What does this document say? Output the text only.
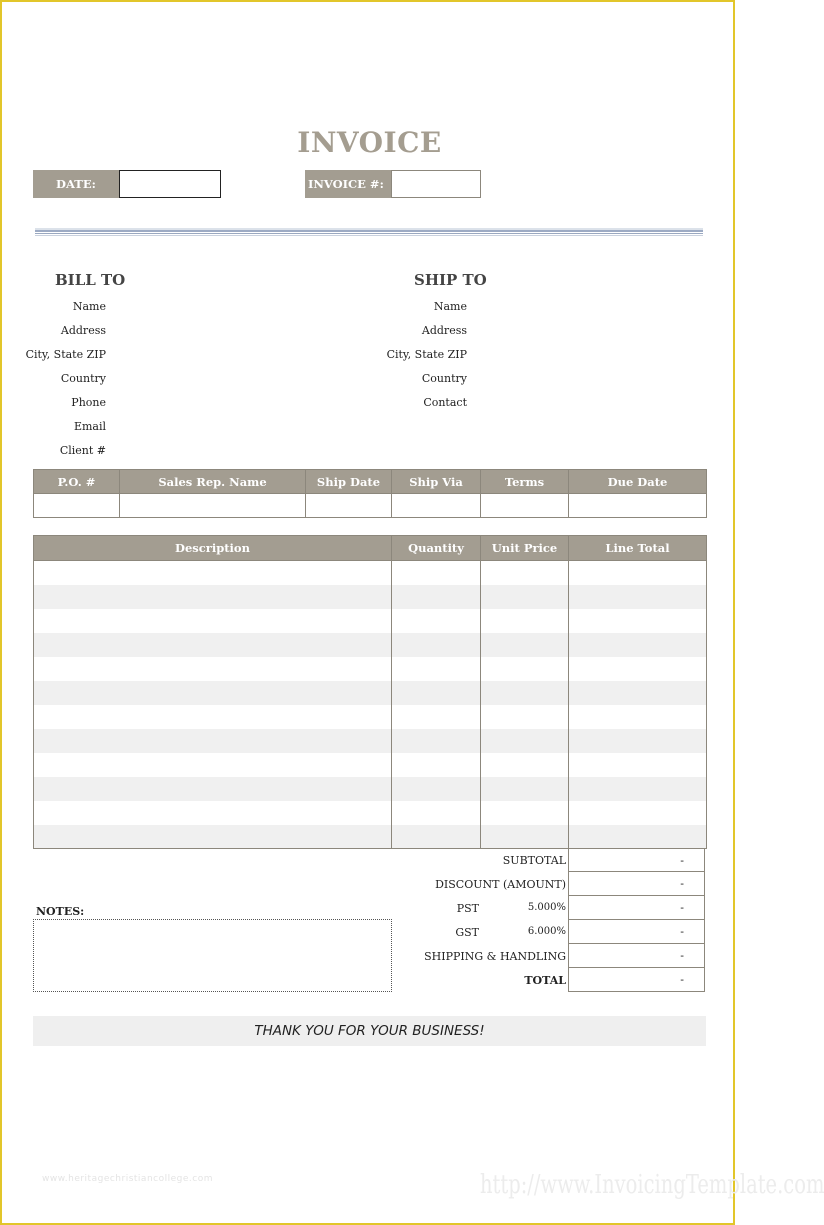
INVOICE
DATE:	INVOICE #:
BILL TO
Name
Address
City, State ZIP
Country
Phone
Email
Client #
SHIP TO
Name
Address
City, State ZIP
Country
Contact
P.O. #	Sales Rep. Name	Ship Date	Ship Via	Terms	Due Date

Description	Quantity	Unit Price	Line Total

SUBTOTAL	-
DISCOUNT (AMOUNT)	-
PST	5.000%	-
GST	6.000%	-
SHIPPING & HANDLING	-
TOTAL	-
NOTES:
THANK YOU FOR YOUR BUSINESS!
www.heritagechristiancollege.com	http://www.InvoicingTemplate.com
